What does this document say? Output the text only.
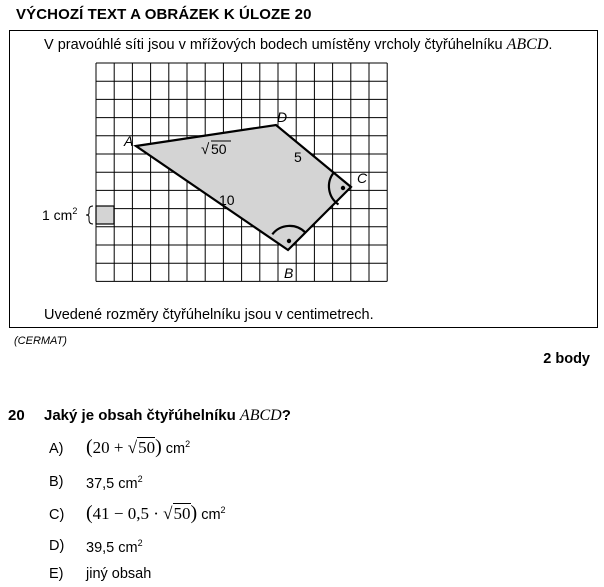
VÝCHOZÍ TEXT A OBRÁZEK K ÚLOZE 20
V pravoúhlé síti jsou v mřížových bodech umístěny vrcholy čtyřúhelníku ABCD.
A
D
C
B
√ 50	5
10
1 $cm^2$
Uvedené rozměry čtyřúhelníku jsou v centimetrech.
(CERMAT)
2 body
20 Jaký je obsah čtyřúhelníku ABCD?
A) (20 + √50) $cm^2$
B) 37,5 $cm^2$
C) (41 − 0,5 · √50) $cm^2$
D) 39,5 $cm^2$
E) jiný obsah
